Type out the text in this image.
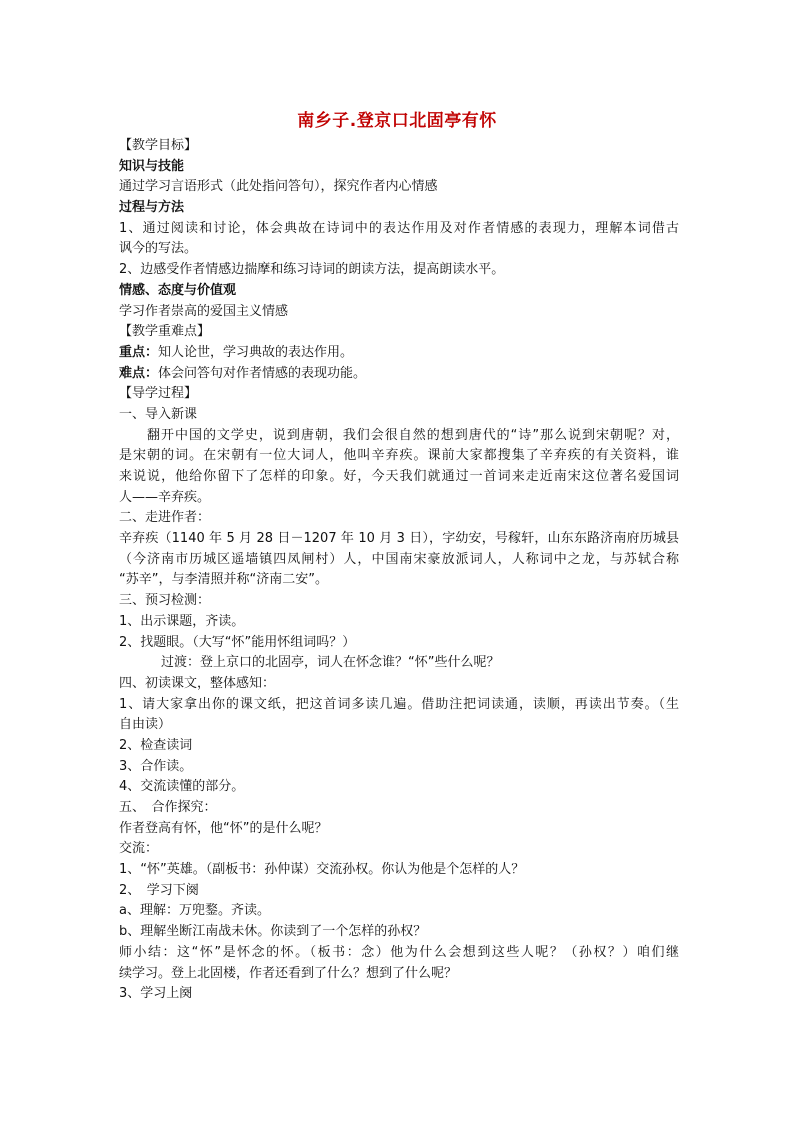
南乡子.登京口北固亭有怀
【教学目标】
知识与技能
通过学习言语形式（此处指问答句），探究作者内心情感
过程与方法
1、通过阅读和讨论，体会典故在诗词中的表达作用及对作者情感的表现力，理解本词借古
讽今的写法。
2、边感受作者情感边揣摩和练习诗词的朗读方法，提高朗读水平。
情感、态度与价值观
学习作者崇高的爱国主义情感
【教学重难点】
重点：知人论世，学习典故的表达作用。
难点：体会问答句对作者情感的表现功能。
【导学过程】
一、导入新课
翻开中国的文学史，说到唐朝，我们会很自然的想到唐代的“诗”那么说到宋朝呢？对，
是宋朝的词。在宋朝有一位大词人，他叫辛弃疾。课前大家都搜集了辛弃疾的有关资料，谁
来说说，他给你留下了怎样的印象。好，今天我们就通过一首词来走近南宋这位著名爱国词
人——辛弃疾。
二、走进作者：
辛弃疾（1140 年 5 月 28 日－1207 年 10 月 3 日），字幼安，号稼轩，山东东路济南府历城县
（今济南市历城区遥墙镇四凤闸村）人，中国南宋豪放派词人，人称词中之龙，与苏轼合称
“苏辛”，与李清照并称“济南二安”。
三、预习检测：
1、出示课题，齐读。
2、找题眼。（大写“怀”能用怀组词吗？）
过渡：登上京口的北固亭，词人在怀念谁？“怀”些什么呢？
四、初读课文，整体感知：
1、请大家拿出你的课文纸，把这首词多读几遍。借助注把词读通，读顺，再读出节奏。（生
自由读）
2、检查读词
3、合作读。
4、交流读懂的部分。
五、　合作探究：
作者登高有怀，他“怀”的是什么呢？
交流：
1、“怀”英雄。（副板书：孙仲谋）交流孙权。你认为他是个怎样的人？
2、　学习下阕
a、理解：万兜鍪。齐读。
b、理解坐断江南战未休。你读到了一个怎样的孙权？
师小结：这“怀”是怀念的怀。（板书：念）他为什么会想到这些人呢？（孙权？）咱们继
续学习。登上北固楼，作者还看到了什么？想到了什么呢？
3、学习上阕
